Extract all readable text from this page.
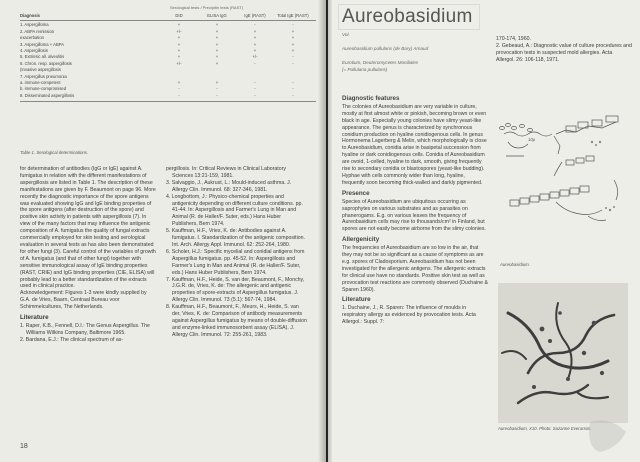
Serological tests / Precipitin tests (RAST)
Diagnosis	DID	ELISA IgG	IgE (RAST)	Total IgE (RAST)
1. Aspergilloma	+	+	-	-
2. ABPA remission	+/-	+	+	+
exacerbation	+	+	+	+
3. Aspergilloma + ABPA	+	+	+	+
4. Aspergillosis	+	+	+	+
5. Extrinsic all. alveolitis	+	+	+/-	-
6. Chron. resp. aspergillosis	+/-	+	-	-
(Invasive aspergillosis
7. Aspergillus pneumonia
a. immune-competent	+	+	-	-
b. immune-compromised	-	-	-	-
8. Disseminated aspergillosis	-	-	-	-
Table 1. Serological determinations.

for determination of antibodies (IgG or IgE) against A. fumigatus in relation with the different manifestations of aspergillosis are listed in Table 1. The description of these manifestations are given by F. Beaumont on page 96. More recently the diagnostic importance of the spore antigens was evaluated showing IgG and IgE binding properties of the spore antigens (after destruction of the spore) and positive skin activity in patients with aspergillosis (7). In view of the many factors that may influence the antigenic composition of A. fumigatus the quality of fungal extracts commercially employed for skin testing and serological evaluation in several tests as has also been demonstrated for other fungi (3). Careful control of the variables of growth of A. fumigatus (and that of other fungi) together with sensitive immunological assay of IgE binding properties (RAST, CRIE) and IgG binding properties (CIE, ELISA) will probably lead to a better standardization of the extracts used in clinical practice.

Acknowledgement: Figures 1-3 were kindly supplied by G.A. de Vries, Baarn, Centraal Bureau voor Schimmelcultures, The Netherlands.

Literature

1. Raper, K.B., Fennell, D.I.: The Genus Aspergillus. The Williams Wilkins Company, Baltimore 1965.

2. Bardana, E.J.: The clinical spectrum of as-

pergillosis. In: Critical Reviews in Clinical Laboratory Sciences 13:21-159, 1981.

3. Salvaggio, J., Aukrust, L.: Mould-induced asthma. J. Allergy Clin. Immunol. 68: 327-346, 1981.

4. Longbottom, J.: Physico-chemical properties and antigenicity depending on different culture conditions. pp. 41-44. In: Aspergillosis and Farmer's Lung in Man and Animal (R. de Haller/F. Suter, eds.) Hans Huber Publishers, Bern 1974.

5. Kauffman, H.F., Vries, K. de: Antibodies against A. fumigatus. I. Standardization of the antigenic composition. Int. Arch. Allergy Appl. Immunol. 62: 252-264, 1980.

6. Scholer, H.J.: Specific mycelial and conidial antigens from Aspergillus fumigatus. pp. 45-52. In: Aspergillosis and Farmer's Lung in Man and Animal (R. de Haller/F. Suter, eds.) Hans Huber Publishers, Bern 1974.

7. Kauffman, H.F., Heide, S. van der, Beaumont, F., Monchy, J.G.R. de, Vries, K. de: The allergenic and antigenic properties of spore-extracts of Aspergillus fumigatus. J. Allergy Clin. Immunol. 73 (5.1): 567-74, 1984.

8. Kauffman, H.F., Beaumont, F., Meurs, H., Heide, S. van der, Vries, K. de: Comparison of antibody measurements against Aspergillus fumigatus by means of double-diffusion and enzyme-linked immunosorbent assay (ELISA). J. Allergy Clin. Immunol. 72: 255-261, 1983.

18
Aureobasidium
Vol.
Aureobasidium pullulans (de Bary) Arnaud
Eurotium, Deuteromycetes Moniliales
(= Pullularia pullulans)

Diagnostic features

The colonies of Aureobasidium are very variable in culture, mostly at first almost white or pinkish, becoming brown or even black in age. Especially young colonies have slimy yeast-like appearance. The genus is characterized by synchronous conidium production on hyaline conidiogenous cells. In genus Hormonema Lagerberg & Melin, which morphologically is close to Aureobasidium, conidia arise in basipetal succession from hyaline or dark conidiogenous cells. Conidia of Aureobasidium are ovoid, 1-celled, hyaline to dark, smooth, giving frequently rise to secondary conidia or blastospores (yeast-like budding). Hyphae with cells commonly wider than long, hyaline, frequently soon becoming thick-walled and darkly pigmented.

Presence

Species of Aureobasidium are ubiquitous occurring as saprophytes on various substrates and as parasites on phanerogams. E.g. on various leaves the frequency of Aureobasidium cells may rise to thousands/cm² in Finland, but spores are not easily become airborne from the slimy colonies.

Allergenicity

The frequencies of Aureobasidium are so low in the air, that they may not be so significant as a cause of symptoms as are e.g. spores of Cladosporium. Aureobasidium has not been investigated for the allergenic antigens. The allergenic extracts for clinical use have no standards. Positive skin test as well as provocation test reactions are commonly observed (Duchaine & Sparen 1960).

Literature

1. Duchaine, J., R. Sparen: The influence of moulds in respiratory allergy as evidenced by provocation tests. Acta Allergol.: Suppl. 7:

170-174, 1960.

2. Gebeaud, A.: Diagnostic value of culture procedures and provocation tests in suspected mold allergies. Acta Allergol. 26: 106-118, 1971.

10μ
Aureobasidium.
Aureobasidium, X10. Photo: Suzanne Everarson.
